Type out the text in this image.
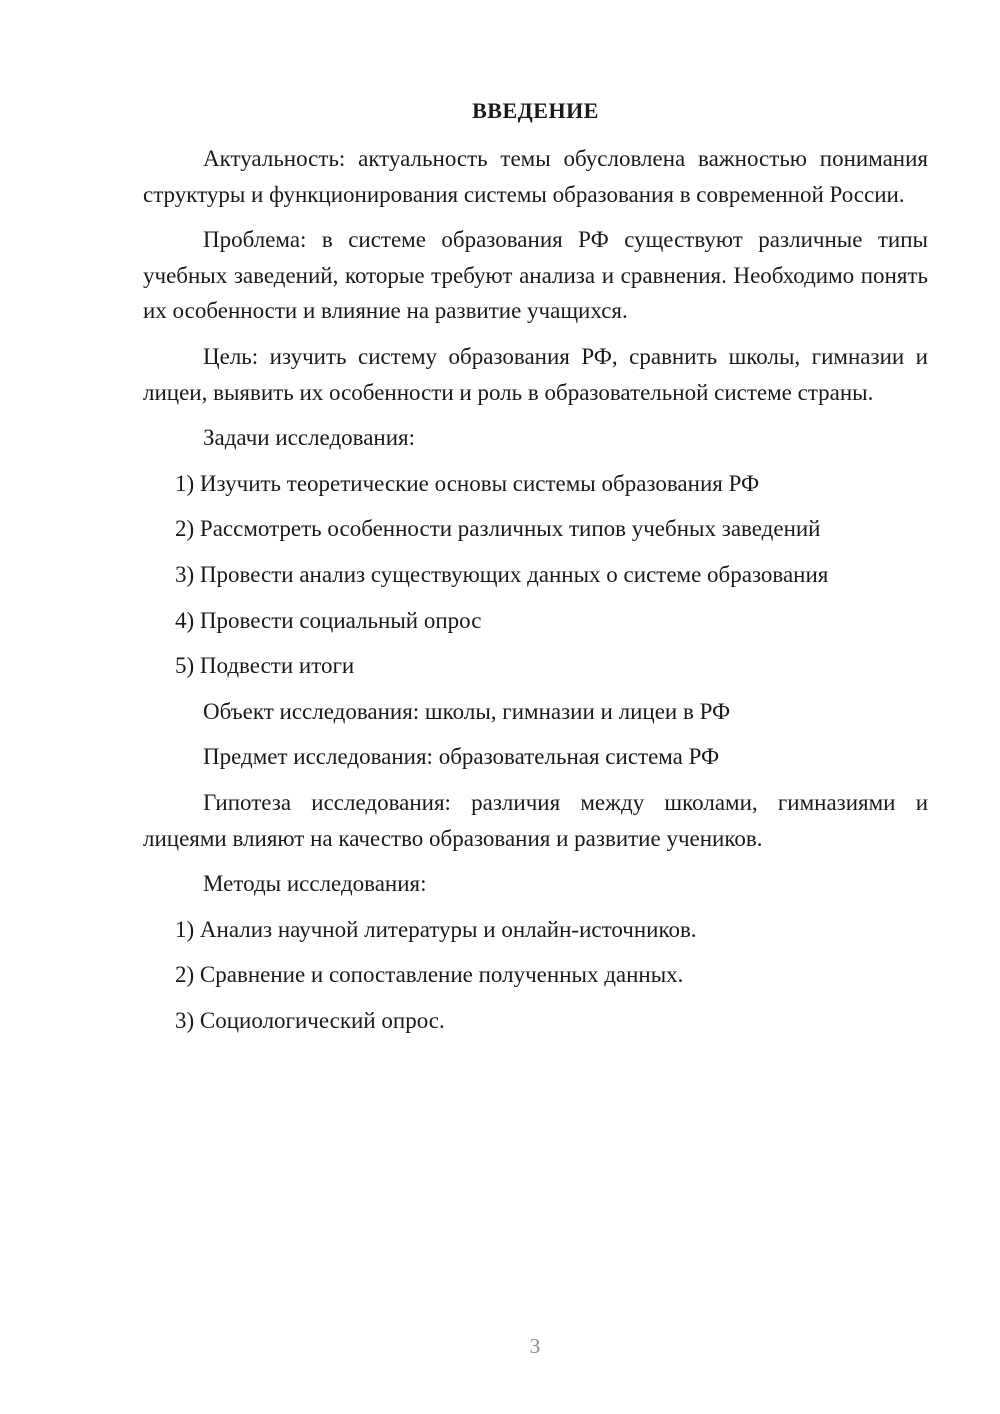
ВВЕДЕНИЕ

Актуальность: актуальность темы обусловлена важностью понимания структуры и функционирования системы образования в современной России.

Проблема: в системе образования РФ существуют различные типы учебных заведений, которые требуют анализа и сравнения. Необходимо понять их особенности и влияние на развитие учащихся.

Цель: изучить систему образования РФ, сравнить школы, гимназии и лицеи, выявить их особенности и роль в образовательной системе страны.

Задачи исследования:

1) Изучить теоретические основы системы образования РФ
2) Рассмотреть особенности различных типов учебных заведений
3) Провести анализ существующих данных о системе образования
4) Провести социальный опрос
5) Подвести итоги

Объект исследования: школы, гимназии и лицеи в РФ

Предмет исследования: образовательная система РФ

Гипотеза исследования: различия между школами, гимназиями и лицеями влияют на качество образования и развитие учеников.

Методы исследования:

1) Анализ научной литературы и онлайн-источников.
2) Сравнение и сопоставление полученных данных.
3) Социологический опрос.
3
